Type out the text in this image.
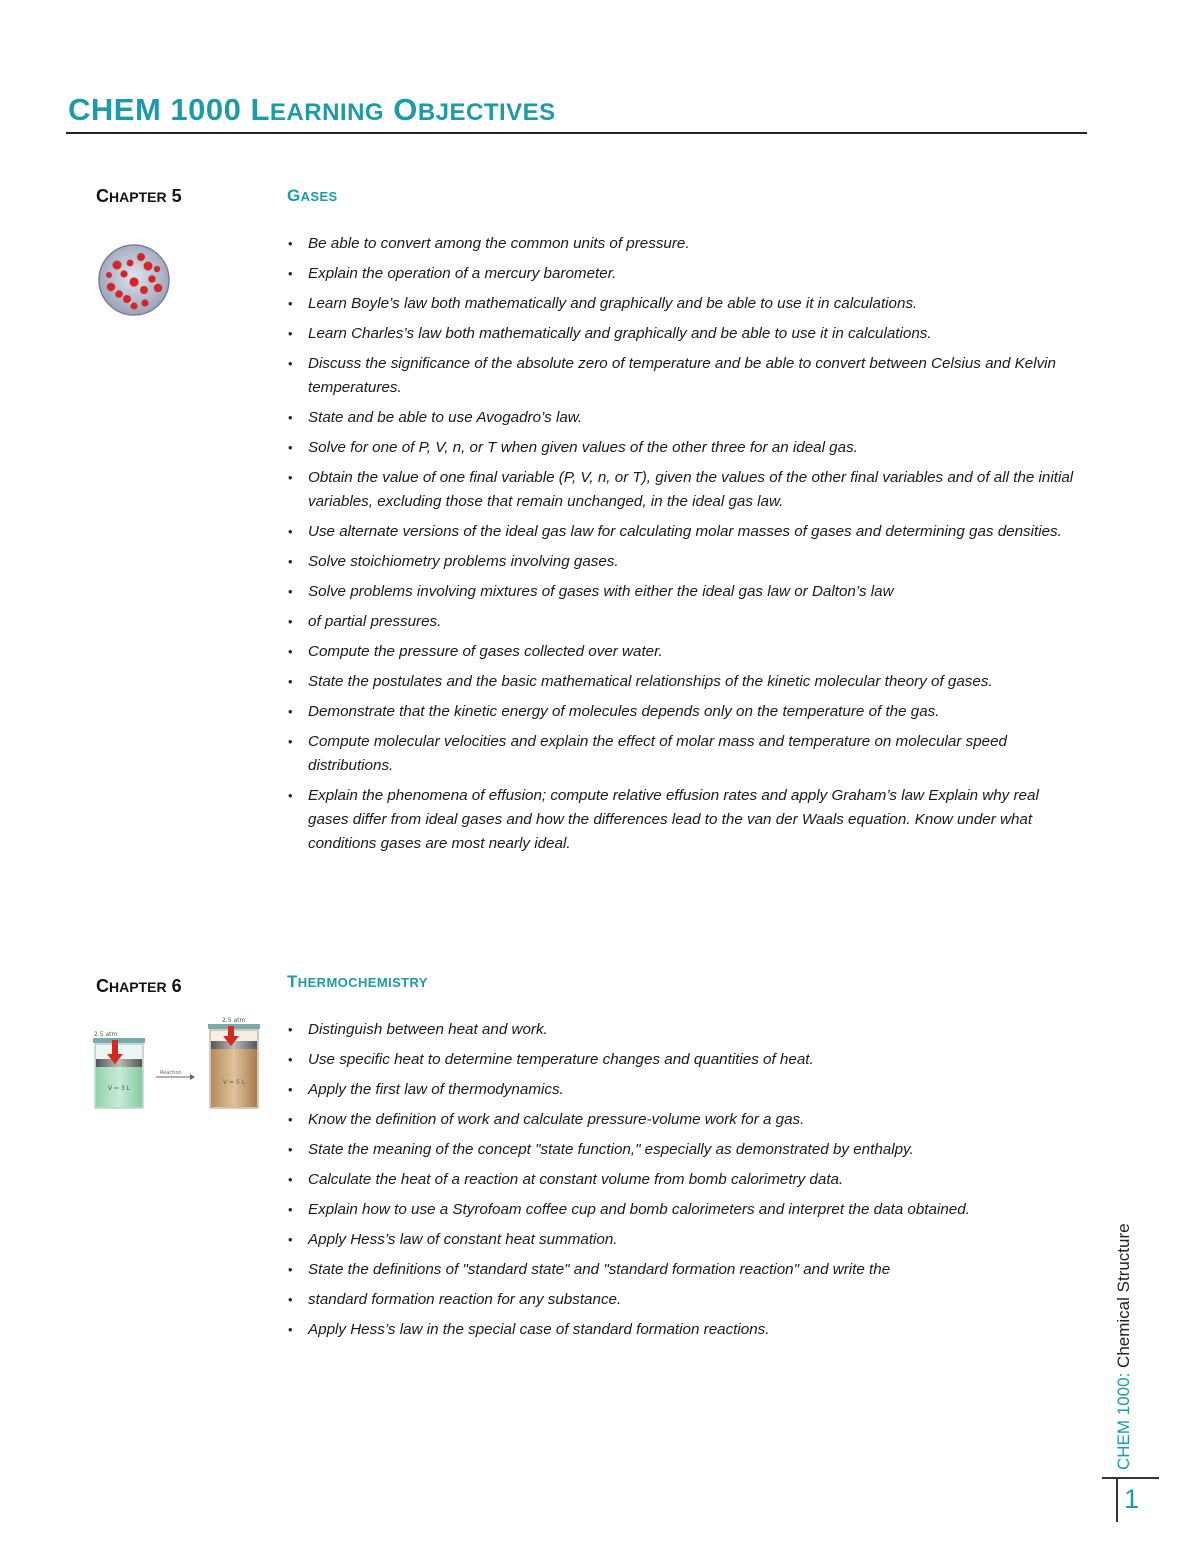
CHEM 1000 LEARNING OBJECTIVES
CHAPTER 5	GASES
• Be able to convert among the common units of pressure.
• Explain the operation of a mercury barometer.
• Learn Boyle’s law both mathematically and graphically and be able to use it in calculations.
• Learn Charles’s law both mathematically and graphically and be able to use it in calculations.
• Discuss the significance of the absolute zero of temperature and be able to convert between Celsius and Kelvin temperatures.
• State and be able to use Avogadro’s law.
• Solve for one of P, V, n, or T when given values of the other three for an ideal gas.
• Obtain the value of one final variable (P, V, n, or T), given the values of the other final variables and of all the initial variables, excluding those that remain unchanged, in the ideal gas law.
• Use alternate versions of the ideal gas law for calculating molar masses of gases and determining gas densities.
• Solve stoichiometry problems involving gases.
• Solve problems involving mixtures of gases with either the ideal gas law or Dalton’s law
• of partial pressures.
• Compute the pressure of gases collected over water.
• State the postulates and the basic mathematical relationships of the kinetic molecular theory of gases.
• Demonstrate that the kinetic energy of molecules depends only on the temperature of the gas.
• Compute molecular velocities and explain the effect of molar mass and temperature on molecular speed distributions.
• Explain the phenomena of effusion; compute relative effusion rates and apply Graham’s law Explain why real gases differ from ideal gases and how the differences lead to the van der Waals equation. Know under what conditions gases are most nearly ideal.
CHAPTER 6	THERMOCHEMISTRY
2.5 atm
V = 3 L
Reaction
2.5 atm
V = 5 L
• Distinguish between heat and work.
• Use specific heat to determine temperature changes and quantities of heat.
• Apply the first law of thermodynamics.
• Know the definition of work and calculate pressure-volume work for a gas.
• State the meaning of the concept "state function," especially as demonstrated by enthalpy.
• Calculate the heat of a reaction at constant volume from bomb calorimetry data.
• Explain how to use a Styrofoam coffee cup and bomb calorimeters and interpret the data obtained.
• Apply Hess’s law of constant heat summation.
• State the definitions of "standard state" and "standard formation reaction" and write the
• standard formation reaction for any substance.
• Apply Hess’s law in the special case of standard formation reactions.
CHEM 1000: Chemical Structure
1
